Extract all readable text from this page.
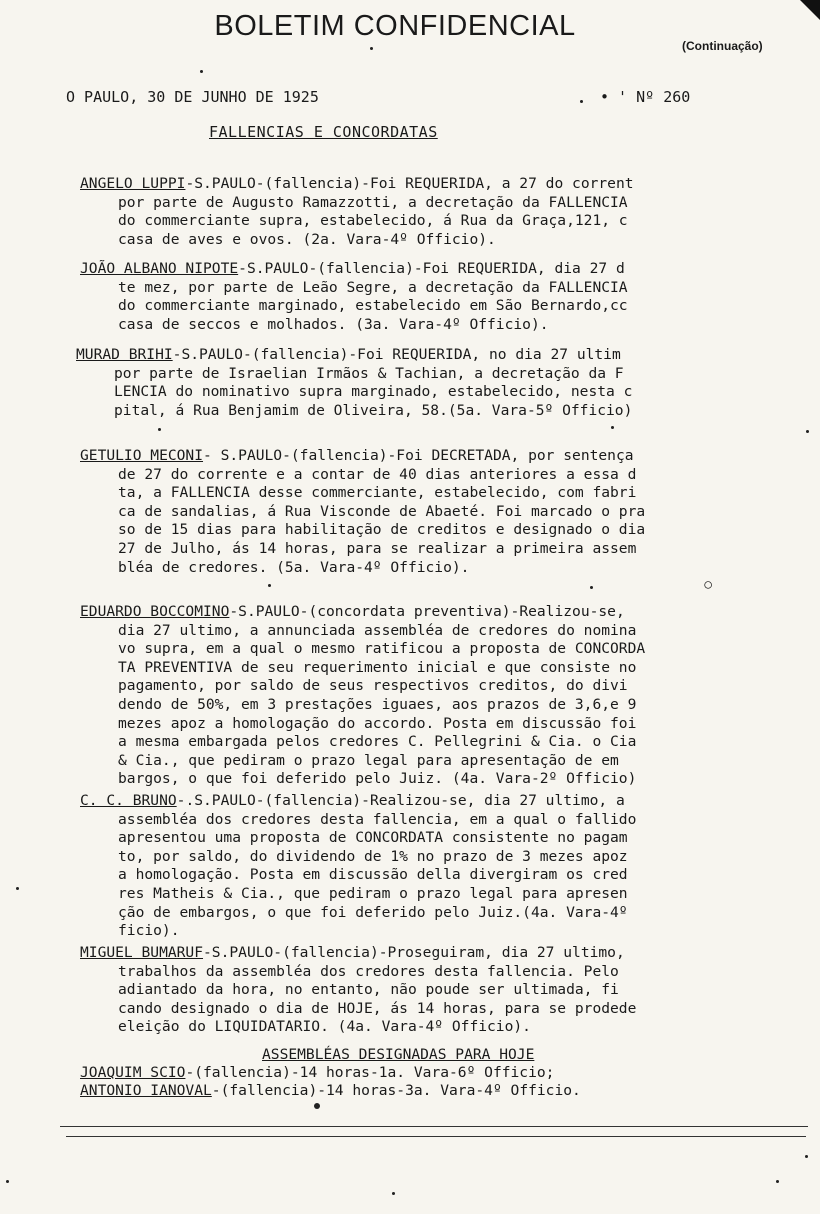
BOLETIM CONFIDENCIAL
(Continuação)
O PAULO, 30 DE JUNHO DE 1925	• ' Nº 260
FALLENCIAS E CONCORDATAS
ANGELO LUPPI-S.PAULO-(fallencia)-Foi REQUERIDA, a 27 do corrent
por parte de Augusto Ramazzotti, a decretação da FALLENCIA
do commerciante supra, estabelecido, á Rua da Graça,121, c
casa de aves e ovos. (2a. Vara-4º Officio).
JOÃO ALBANO NIPOTE-S.PAULO-(fallencia)-Foi REQUERIDA, dia 27 d
te mez, por parte de Leão Segre, a decretação da FALLENCIA
do commerciante marginado, estabelecido em São Bernardo,cc
casa de seccos e molhados. (3a. Vara-4º Officio).
MURAD BRIHI-S.PAULO-(fallencia)-Foi REQUERIDA, no dia 27 ultim
por parte de Israelian Irmãos & Tachian, a decretação da F
LENCIA do nominativo supra marginado, estabelecido, nesta c
pital, á Rua Benjamim de Oliveira, 58.(5a. Vara-5º Officio)
GETULIO MECONI- S.PAULO-(fallencia)-Foi DECRETADA, por sentença
de 27 do corrente e a contar de 40 dias anteriores a essa d
ta, a FALLENCIA desse commerciante, estabelecido, com fabri
ca de sandalias, á Rua Visconde de Abaeté. Foi marcado o pra
so de 15 dias para habilitação de creditos e designado o dia
27 de Julho, ás 14 horas, para se realizar a primeira assem
bléa de credores. (5a. Vara-4º Officio).
○
EDUARDO BOCCOMINO-S.PAULO-(concordata preventiva)-Realizou-se,
dia 27 ultimo, a annunciada assembléa de credores do nomina
vo supra, em a qual o mesmo ratificou a proposta de CONCORDA
TA PREVENTIVA de seu requerimento inicial e que consiste no
pagamento, por saldo de seus respectivos creditos, do divi
dendo de 50%, em 3 prestações iguaes, aos prazos de 3,6,e 9
mezes apoz a homologação do accordo. Posta em discussão foi
a mesma embargada pelos credores C. Pellegrini & Cia. o Cia
& Cia., que pediram o prazo legal para apresentação de em
bargos, o que foi deferido pelo Juiz. (4a. Vara-2º Officio)
C. C. BRUNO-.S.PAULO-(fallencia)-Realizou-se, dia 27 ultimo, a
assembléa dos credores desta fallencia, em a qual o fallido
apresentou uma proposta de CONCORDATA consistente no pagam
to, por saldo, do dividendo de 1% no prazo de 3 mezes apoz
a homologação. Posta em discussão della divergiram os cred
res Matheis & Cia., que pediram o prazo legal para apresen
ção de embargos, o que foi deferido pelo Juiz.(4a. Vara-4º
ficio).
MIGUEL BUMARUF-S.PAULO-(fallencia)-Proseguiram, dia 27 ultimo,
trabalhos da assembléa dos credores desta fallencia. Pelo
adiantado da hora, no entanto, não poude ser ultimada, fi
cando designado o dia de HOJE, ás 14 horas, para se prodede
eleição do LIQUIDATARIO. (4a. Vara-4º Officio).
ASSEMBLÉAS DESIGNADAS PARA HOJE
JOAQUIM SCIO-(fallencia)-14 horas-1a. Vara-6º Officio;
ANTONIO IANOVAL-(fallencia)-14 horas-3a. Vara-4º Officio.
